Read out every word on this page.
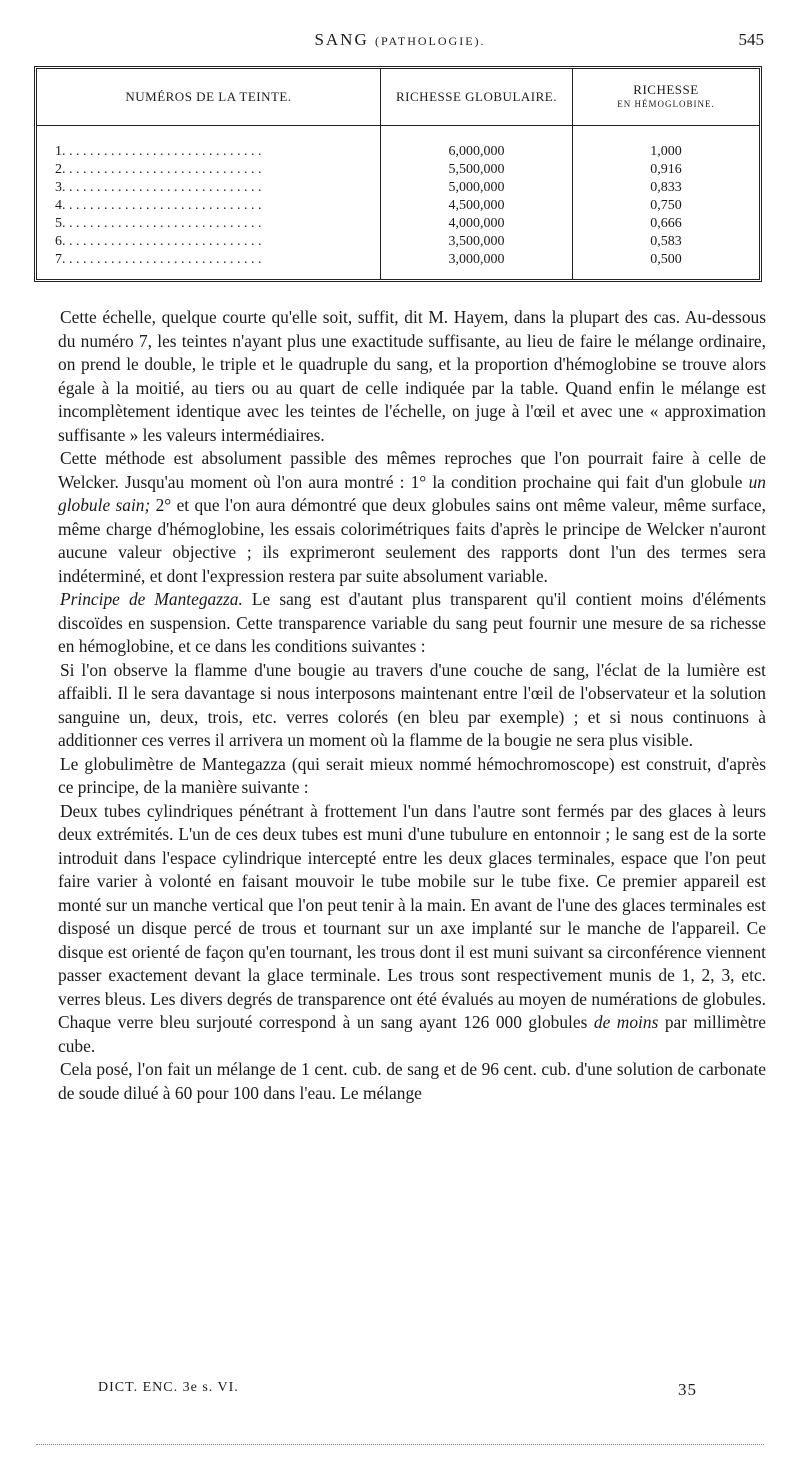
SANG (PATHOLOGIE).	545
NUMÉROS DE LA TEINTE.	RICHESSE GLOBULAIRE.	RICHESSE
EN HÉMOGLOBINE.
1. . . . . . . . . . . . . . . . . . . . . . . . . . . . .	6,000,000	1,000
2. . . . . . . . . . . . . . . . . . . . . . . . . . . . .	5,500,000	0,916
3. . . . . . . . . . . . . . . . . . . . . . . . . . . . .	5,000,000	0,833
4. . . . . . . . . . . . . . . . . . . . . . . . . . . . .	4,500,000	0,750
5. . . . . . . . . . . . . . . . . . . . . . . . . . . . .	4,000,000	0,666
6. . . . . . . . . . . . . . . . . . . . . . . . . . . . .	3,500,000	0,583
7. . . . . . . . . . . . . . . . . . . . . . . . . . . . .	3,000,000	0,500

Cette échelle, quelque courte qu'elle soit, suffit, dit M. Hayem, dans la plupart des cas. Au-dessous du numéro 7, les teintes n'ayant plus une exactitude suffisante, au lieu de faire le mélange ordinaire, on prend le double, le triple et le quadruple du sang, et la proportion d'hémoglobine se trouve alors égale à la moitié, au tiers ou au quart de celle indiquée par la table. Quand enfin le mélange est incomplètement identique avec les teintes de l'échelle, on juge à l'œil et avec une « approximation suffisante » les valeurs intermédiaires.

Cette méthode est absolument passible des mêmes reproches que l'on pourrait faire à celle de Welcker. Jusqu'au moment où l'on aura montré : 1° la condition prochaine qui fait d'un globule un globule sain; 2° et que l'on aura démontré que deux globules sains ont même valeur, même surface, même charge d'hémoglobine, les essais colorimétriques faits d'après le principe de Welcker n'auront aucune valeur objective ; ils exprimeront seulement des rapports dont l'un des termes sera indéterminé, et dont l'expression restera par suite absolument variable.

Principe de Mantegazza. Le sang est d'autant plus transparent qu'il contient moins d'éléments discoïdes en suspension. Cette transparence variable du sang peut fournir une mesure de sa richesse en hémoglobine, et ce dans les conditions suivantes :

Si l'on observe la flamme d'une bougie au travers d'une couche de sang, l'éclat de la lumière est affaibli. Il le sera davantage si nous interposons maintenant entre l'œil de l'observateur et la solution sanguine un, deux, trois, etc. verres colorés (en bleu par exemple) ; et si nous continuons à additionner ces verres il arrivera un moment où la flamme de la bougie ne sera plus visible.

Le globulimètre de Mantegazza (qui serait mieux nommé hémochromoscope) est construit, d'après ce principe, de la manière suivante :

Deux tubes cylindriques pénétrant à frottement l'un dans l'autre sont fermés par des glaces à leurs deux extrémités. L'un de ces deux tubes est muni d'une tubulure en entonnoir ; le sang est de la sorte introduit dans l'espace cylindrique intercepté entre les deux glaces terminales, espace que l'on peut faire varier à volonté en faisant mouvoir le tube mobile sur le tube fixe. Ce premier appareil est monté sur un manche vertical que l'on peut tenir à la main. En avant de l'une des glaces terminales est disposé un disque percé de trous et tournant sur un axe implanté sur le manche de l'appareil. Ce disque est orienté de façon qu'en tournant, les trous dont il est muni suivant sa circonférence viennent passer exactement devant la glace terminale. Les trous sont respectivement munis de 1, 2, 3, etc. verres bleus. Les divers degrés de transparence ont été évalués au moyen de numérations de globules. Chaque verre bleu surjouté correspond à un sang ayant 126 000 globules de moins par millimètre cube.

Cela posé, l'on fait un mélange de 1 cent. cub. de sang et de 96 cent. cub. d'une solution de carbonate de soude dilué à 60 pour 100 dans l'eau. Le mélange

DICT. ENC. 3e s. VI.	35
